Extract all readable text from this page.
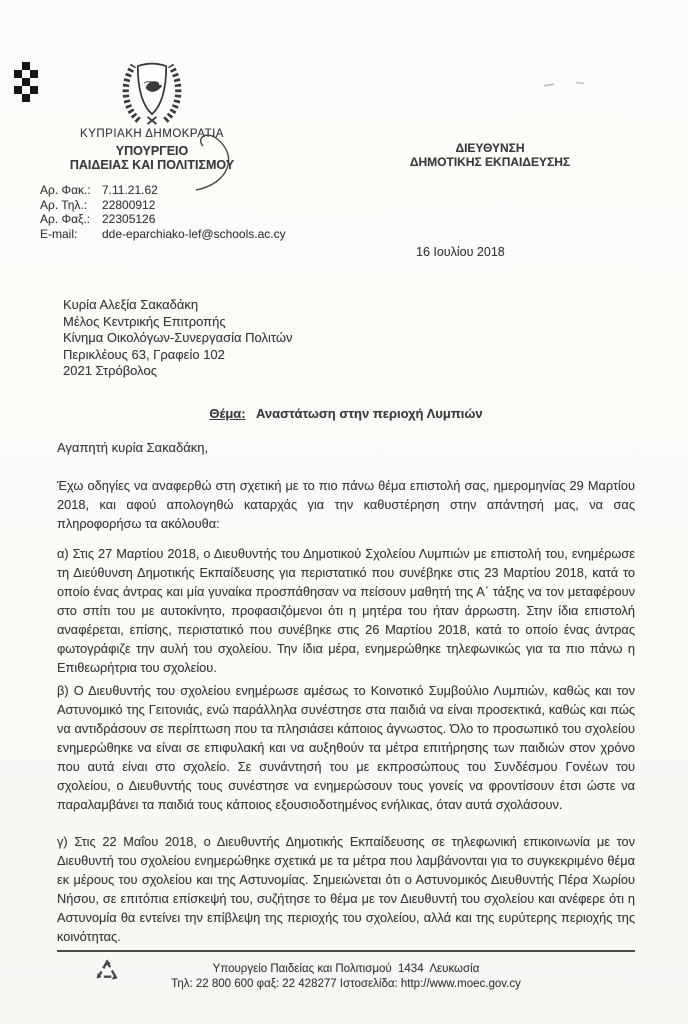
ΚΥΠΡΙΑΚΗ ΔΗΜΟΚΡΑΤΙΑ
ΥΠΟΥΡΓΕΙΟ
ΠΑΙΔΕΙΑΣ ΚΑΙ ΠΟΛΙΤΙΣΜΟΥ
ΔΙΕΥΘΥΝΣΗ
ΔΗΜΟΤΙΚΗΣ ΕΚΠΑΙΔΕΥΣΗΣ
Αρ. Φακ.: 7.11.21.62
Αρ. Τηλ.:	22800912
Αρ. Φαξ.: 22305126
E-mail:	dde-eparchiako-lef@schools.ac.cy
16 Ιουλίου 2018
Κυρία Αλεξία Σακαδάκη
Μέλος Κεντρικής Επιτροπής
Κίνημα Οικολόγων-Συνεργασία Πολιτών
Περικλέους 63, Γραφείο 102
2021 Στρόβολος
Θέμα: Αναστάτωση στην περιοχή Λυμπιών
Αγαπητή κυρία Σακαδάκη,
Έχω οδηγίες να αναφερθώ στη σχετική με το πιο πάνω θέμα επιστολή σας, ημερομηνίας 29 Μαρτίου 2018, και αφού απολογηθώ καταρχάς για την καθυστέρηση στην απάντησή μας, να σας πληροφορήσω τα ακόλουθα:
α) Στις 27 Μαρτίου 2018, ο Διευθυντής του Δημοτικού Σχολείου Λυμπιών με επιστολή του, ενημέρωσε τη Διεύθυνση Δημοτικής Εκπαίδευσης για περιστατικό που συνέβηκε στις 23 Μαρτίου 2018, κατά το οποίο ένας άντρας και μία γυναίκα προσπάθησαν να πείσουν μαθητή της Α΄ τάξης να τον μεταφέρουν στο σπίτι του με αυτοκίνητο, προφασιζόμενοι ότι η μητέρα του ήταν άρρωστη. Στην ίδια επιστολή αναφέρεται, επίσης, περιστατικό που συνέβηκε στις 26 Μαρτίου 2018, κατά το οποίο ένας άντρας φωτογράφιζε την αυλή του σχολείου. Την ίδια μέρα, ενημερώθηκε τηλεφωνικώς για τα πιο πάνω η Επιθεωρήτρια του σχολείου.
β) Ο Διευθυντής του σχολείου ενημέρωσε αμέσως το Κοινοτικό Συμβούλιο Λυμπιών, καθώς και τον Αστυνομικό της Γειτονιάς, ενώ παράλληλα συνέστησε στα παιδιά να είναι προσεκτικά, καθώς και πώς να αντιδράσουν σε περίπτωση που τα πλησιάσει κάποιος άγνωστος. Όλο το προσωπικό του σχολείου ενημερώθηκε να είναι σε επιφυλακή και να αυξηθούν τα μέτρα επιτήρησης των παιδιών στον χρόνο που αυτά είναι στο σχολείο. Σε συνάντησή του με εκπροσώπους του Συνδέσμου Γονέων του σχολείου, ο Διευθυντής τους συνέστησε να ενημερώσουν τους γονείς να φροντίσουν έτσι ώστε να παραλαμβάνει τα παιδιά τους κάποιος εξουσιοδοτημένος ενήλικας, όταν αυτά σχολάσουν.
γ) Στις 22 Μαΐου 2018, ο Διευθυντής Δημοτικής Εκπαίδευσης σε τηλεφωνική επικοινωνία με τον Διευθυντή του σχολείου ενημερώθηκε σχετικά με τα μέτρα που λαμβάνονται για το συγκεκριμένο θέμα εκ μέρους του σχολείου και της Αστυνομίας. Σημειώνεται ότι ο Αστυνομικός Διευθυντής Πέρα Χωρίου Νήσου, σε επιτόπια επίσκεψή του, συζήτησε το θέμα με τον Διευθυντή του σχολείου και ανέφερε ότι η Αστυνομία θα εντείνει την επίβλεψη της περιοχής του σχολείου, αλλά και της ευρύτερης περιοχής της κοινότητας.
Υπουργείο Παιδείας και Πολιτισμού  1434  Λευκωσία
Τηλ: 22 800 600 φαξ: 22 428277 Ιστοσελίδα: http://www.moec.gov.cy
